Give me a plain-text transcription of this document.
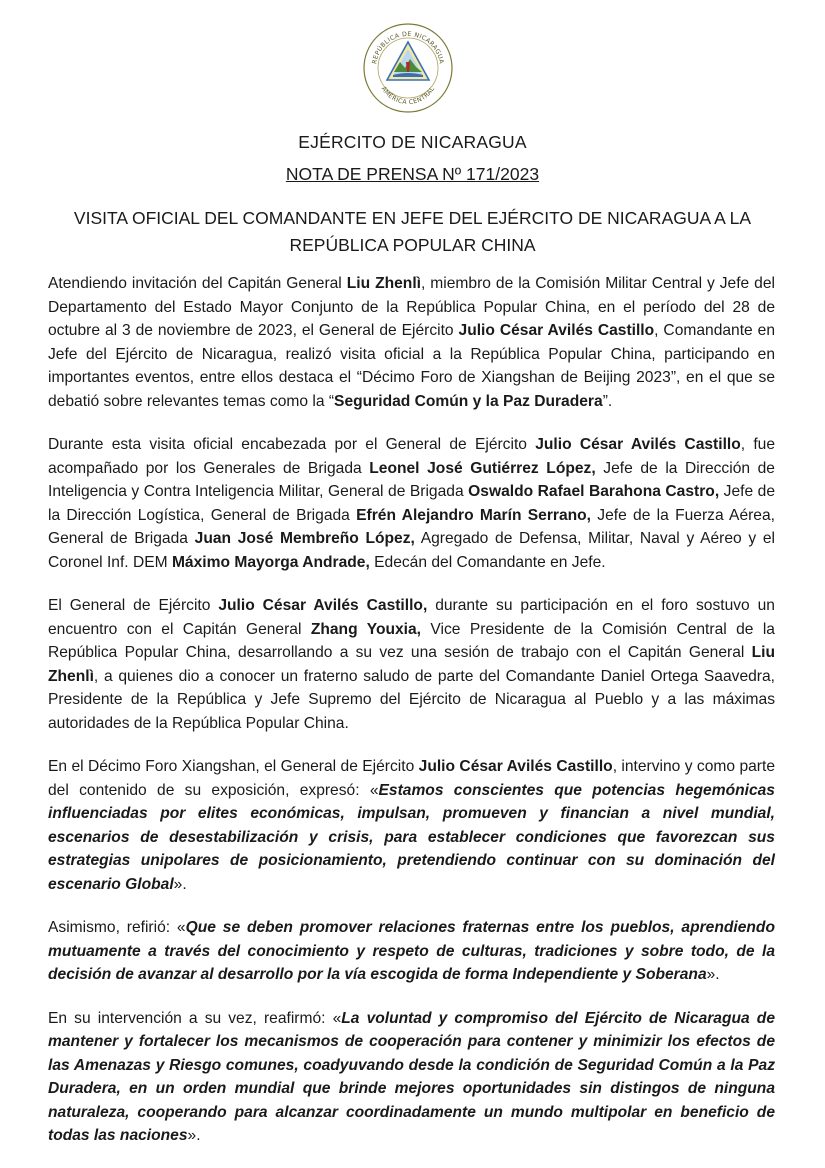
REPÚBLICA DE NICARAGUA
AMÉRICA CENTRAL
EJÉRCITO DE NICARAGUA
NOTA DE PRENSA Nº 171/2023
VISITA OFICIAL DEL COMANDANTE EN JEFE DEL EJÉRCITO DE NICARAGUA A LA REPÚBLICA POPULAR CHINA

Atendiendo invitación del Capitán General Liu Zhenlì, miembro de la Comisión Militar Central y Jefe del Departamento del Estado Mayor Conjunto de la República Popular China, en el período del 28 de octubre al 3 de noviembre de 2023, el General de Ejército Julio César Avilés Castillo, Comandante en Jefe del Ejército de Nicaragua, realizó visita oficial a la República Popular China, participando en importantes eventos, entre ellos destaca el “Décimo Foro de Xiangshan de Beijing 2023”, en el que se debatió sobre relevantes temas como la “Seguridad Común y la Paz Duradera”.

Durante esta visita oficial encabezada por el General de Ejército Julio César Avilés Castillo, fue acompañado por los Generales de Brigada Leonel José Gutiérrez López, Jefe de la Dirección de Inteligencia y Contra Inteligencia Militar, General de Brigada Oswaldo Rafael Barahona Castro, Jefe de la Dirección Logística, General de Brigada Efrén Alejandro Marín Serrano, Jefe de la Fuerza Aérea, General de Brigada Juan José Membreño López, Agregado de Defensa, Militar, Naval y Aéreo y el Coronel Inf. DEM Máximo Mayorga Andrade, Edecán del Comandante en Jefe.

El General de Ejército Julio César Avilés Castillo, durante su participación en el foro sostuvo un encuentro con el Capitán General Zhang Youxia, Vice Presidente de la Comisión Central de la República Popular China, desarrollando a su vez una sesión de trabajo con el Capitán General Liu Zhenlì, a quienes dio a conocer un fraterno saludo de parte del Comandante Daniel Ortega Saavedra, Presidente de la República y Jefe Supremo del Ejército de Nicaragua al Pueblo y a las máximas autoridades de la República Popular China.

En el Décimo Foro Xiangshan, el General de Ejército Julio César Avilés Castillo, intervino y como parte del contenido de su exposición, expresó: «Estamos conscientes que potencias hegemónicas influenciadas por elites económicas, impulsan, promueven y financian a nivel mundial, escenarios de desestabilización y crisis, para establecer condiciones que favorezcan sus estrategias unipolares de posicionamiento, pretendiendo continuar con su dominación del escenario Global».

Asimismo, refirió: «Que se deben promover relaciones fraternas entre los pueblos, aprendiendo mutuamente a través del conocimiento y respeto de culturas, tradiciones y sobre todo, de la decisión de avanzar al desarrollo por la vía escogida de forma Independiente y Soberana».

En su intervención a su vez, reafirmó: «La voluntad y compromiso del Ejército de Nicaragua de mantener y fortalecer los mecanismos de cooperación para contener y minimizir los efectos de las Amenazas y Riesgo comunes, coadyuvando desde la condición de Seguridad Común a la Paz Duradera, en un orden mundial que brinde mejores oportunidades sin distingos de ninguna naturaleza, cooperando para alcanzar coordinadamente un mundo multipolar en beneficio de todas las naciones».
